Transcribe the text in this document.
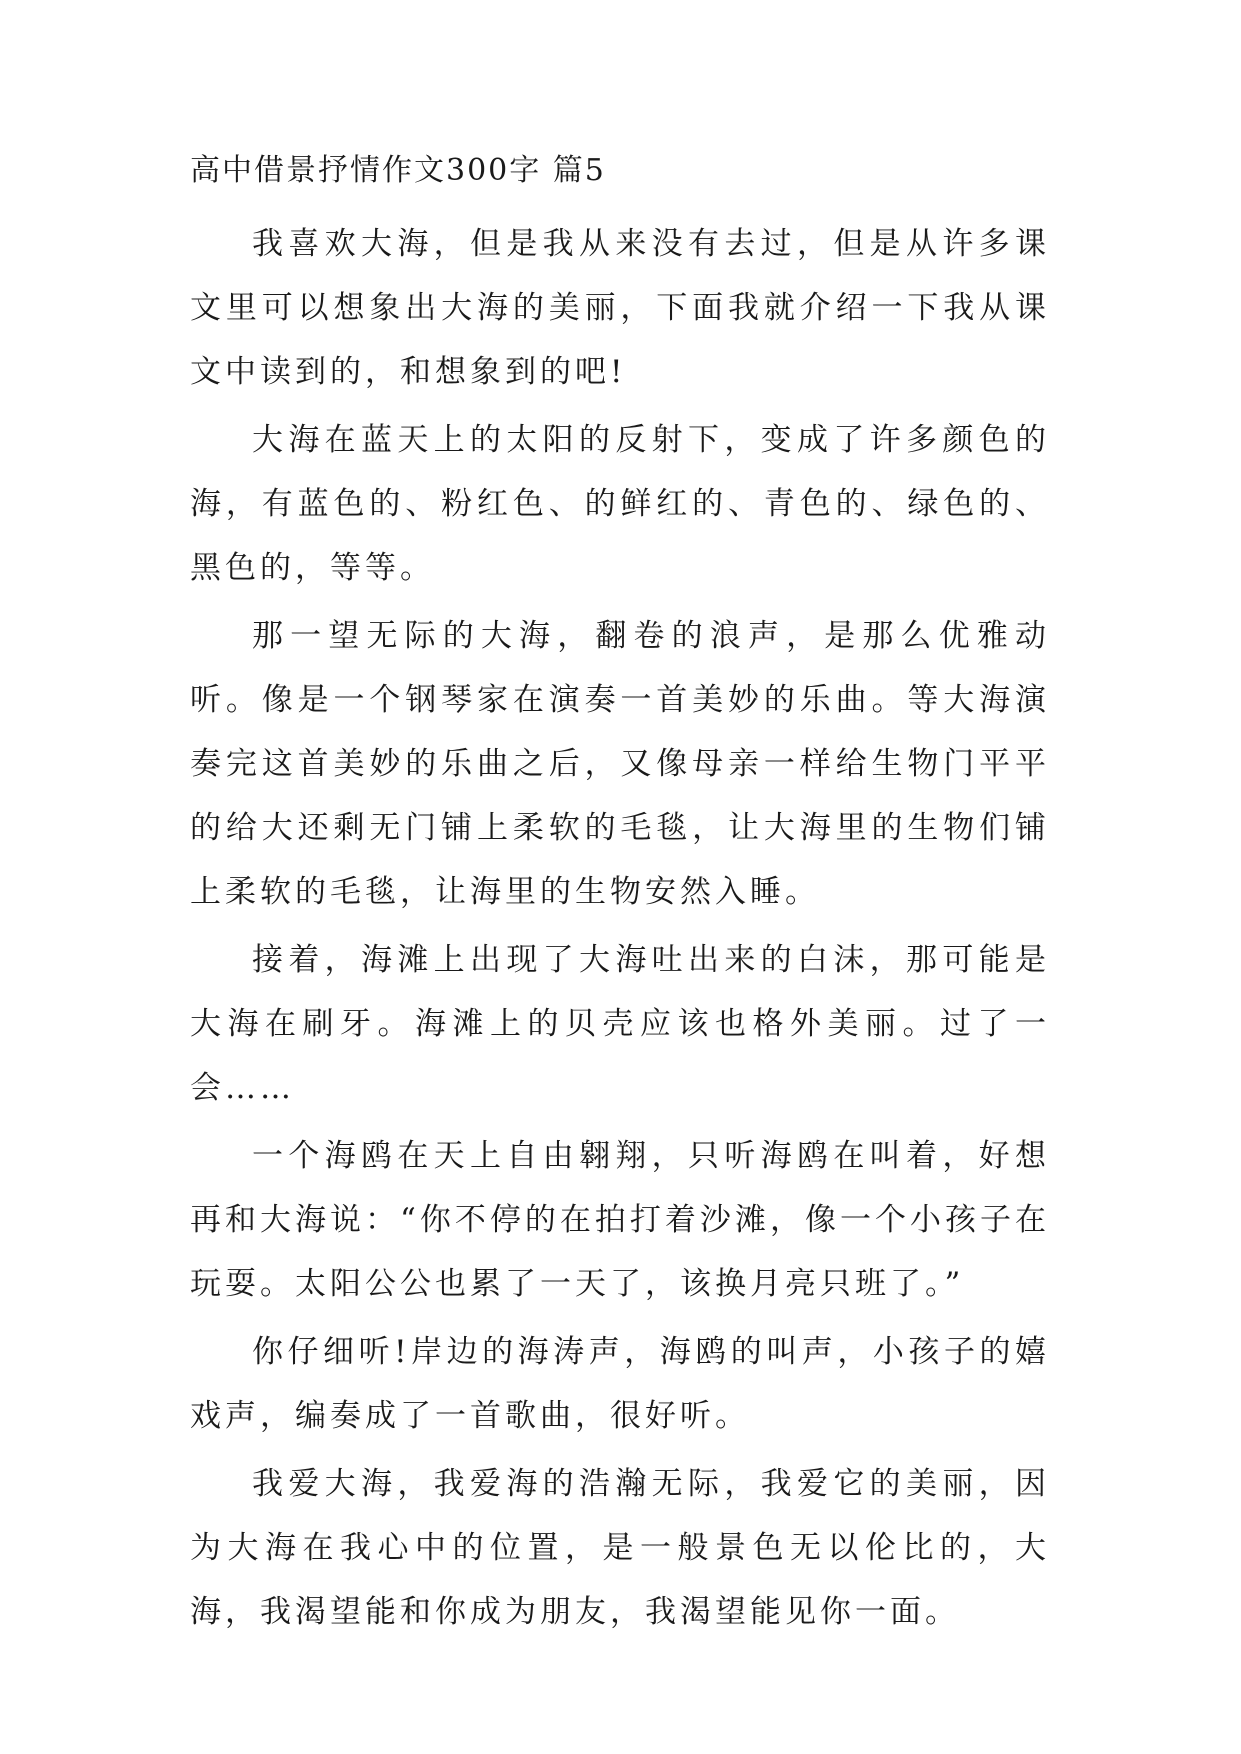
高中借景抒情作文300字 篇5

我喜欢大海，但是我从来没有去过，但是从许多课文里可以想象出大海的美丽，下面我就介绍一下我从课文中读到的，和想象到的吧!

大海在蓝天上的太阳的反射下，变成了许多颜色的海，有蓝色的、粉红色、的鲜红的、青色的、绿色的、黑色的，等等。

那一望无际的大海，翻卷的浪声，是那么优雅动听。像是一个钢琴家在演奏一首美妙的乐曲。等大海演奏完这首美妙的乐曲之后，又像母亲一样给生物门平平的给大还剩无门铺上柔软的毛毯，让大海里的生物们铺上柔软的毛毯，让海里的生物安然入睡。

接着，海滩上出现了大海吐出来的白沫，那可能是大海在刷牙。海滩上的贝壳应该也格外美丽。过了一会……

一个海鸥在天上自由翱翔，只听海鸥在叫着，好想再和大海说：“你不停的在拍打着沙滩，像一个小孩子在玩耍。太阳公公也累了一天了，该换月亮只班了。”

你仔细听!岸边的海涛声，海鸥的叫声，小孩子的嬉戏声，编奏成了一首歌曲，很好听。

我爱大海，我爱海的浩瀚无际，我爱它的美丽，因为大海在我心中的位置，是一般景色无以伦比的，大海，我渴望能和你成为朋友，我渴望能见你一面。
